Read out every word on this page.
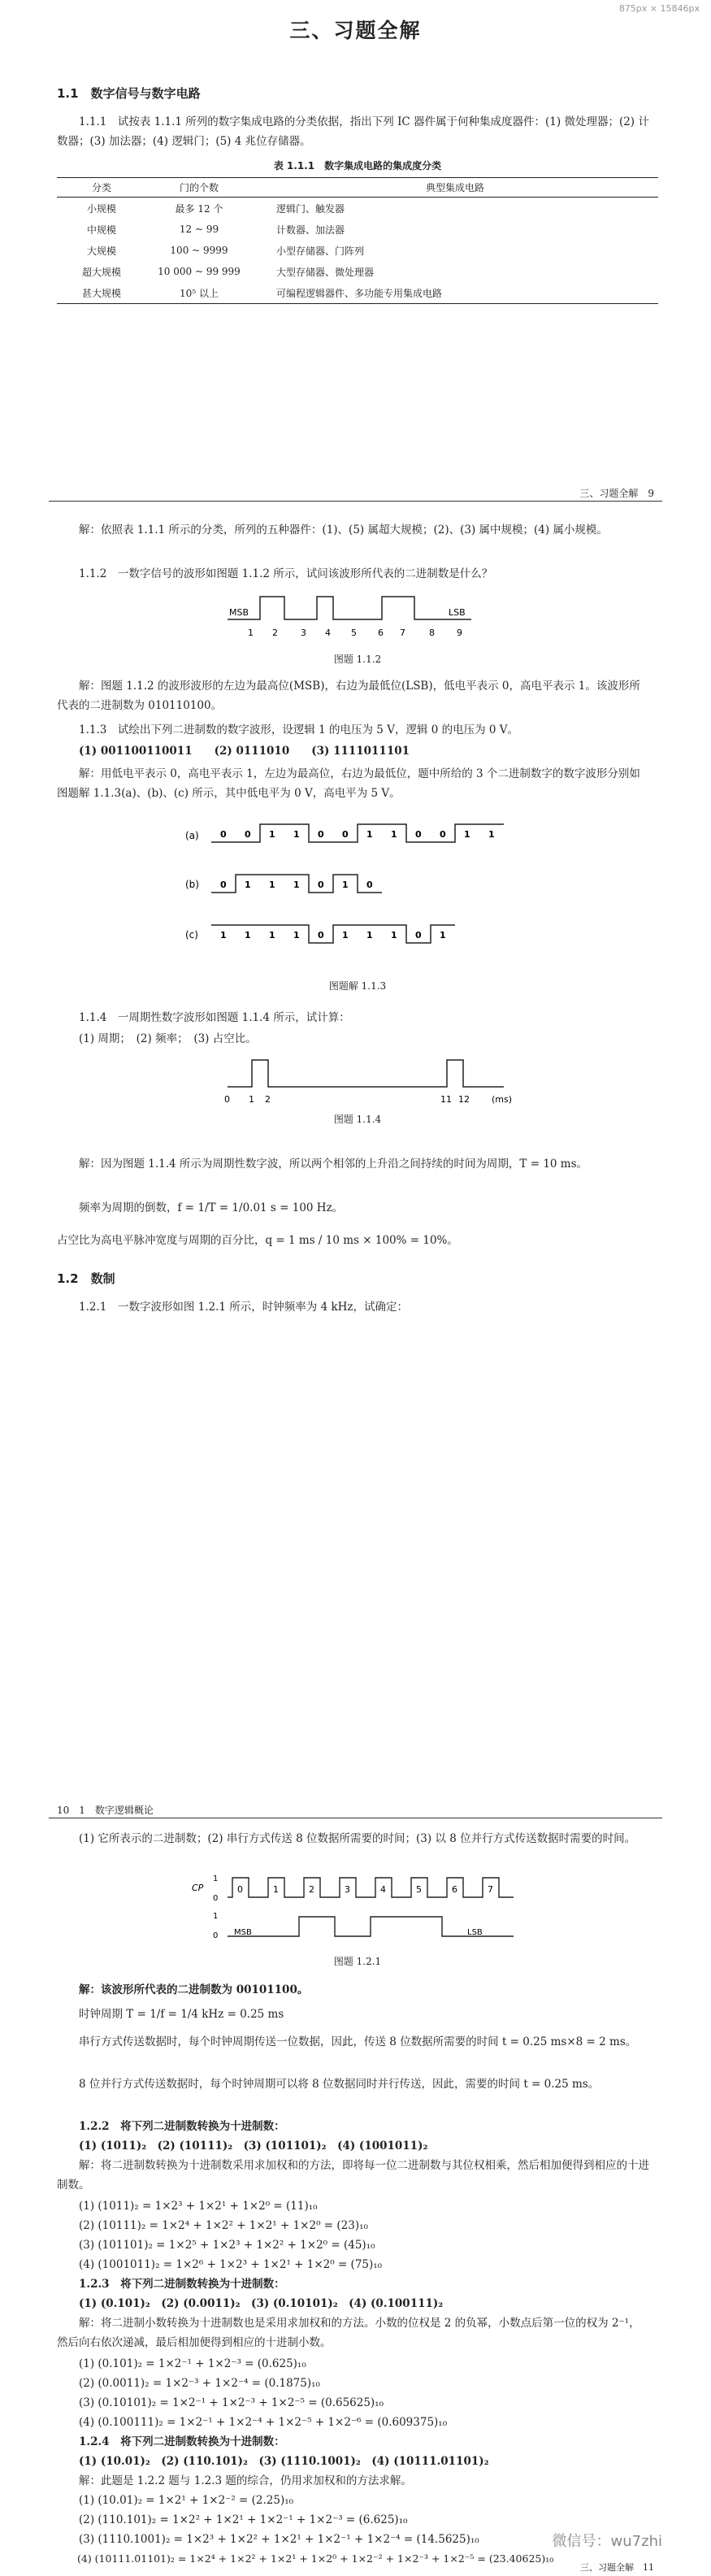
875px × 15846px
三、习题全解
1.1　数字信号与数字电路
1.1.1　试按表 1.1.1 所列的数字集成电路的分类依据，指出下列 IC 器件属于何种集成度器件：(1) 微处理器；(2) 计数器；(3) 加法器；(4) 逻辑门；(5) 4 兆位存储器。
表 1.1.1　数字集成电路的集成度分类
分类	门的个数	典型集成电路
小规模	最多 12 个	逻辑门、触发器
中规模	12 ~ 99	计数器、加法器
大规模	100 ~ 9999	小型存储器、门阵列
超大规模	10 000 ~ 99 999	大型存储器、微处理器
甚大规模	10⁵ 以上	可编程逻辑器件、多功能专用集成电路
三、习题全解　9
解：依照表 1.1.1 所示的分类，所列的五种器件：(1)、(5) 属超大规模；(2)、(3) 属中规模；(4) 属小规模。
1.1.2　一数字信号的波形如图题 1.1.2 所示，试问该波形所代表的二进制数是什么？
MSB	LSB
1 2	3 4 5 6 7	8 9
图题 1.1.2
解：图题 1.1.2 的波形波形的左边为最高位(MSB)，右边为最低位(LSB)，低电平表示 0，高电平表示 1。该波形所代表的二进制数为 010110100。
1.1.3　试绘出下列二进制数的数字波形，设逻辑 1 的电压为 5 V，逻辑 0 的电压为 0 V。
(1) 001100110011　　(2) 0111010　　(3) 1111011101
解：用低电平表示 0，高电平表示 1，左边为最高位，右边为最低位，题中所给的 3 个二进制数字的数字波形分别如图题解 1.1.3(a)、(b)、(c) 所示，其中低电平为 0 V，高电平为 5 V。
(a)
(b)
(c)
0 0 1 1 0 0 1 1 0 0 1 1
0 1 1 1 0 1 0
1 1 1 1 0 1 1 1 0 1
图题解 1.1.3
1.1.4　一周期性数字波形如图题 1.1.4 所示，试计算：
(1) 周期；　(2) 频率；　(3) 占空比。
0 1 2	11 12 (ms)
图题 1.1.4
解：因为图题 1.1.4 所示为周期性数字波，所以两个相邻的上升沿之间持续的时间为周期，T = 10 ms。
频率为周期的倒数，f = 1/T = 1/0.01 s = 100 Hz。
占空比为高电平脉冲宽度与周期的百分比，q = 1 ms / 10 ms × 100% = 10%。
1.2　数制
1.2.1　一数字波形如图 1.2.1 所示，时钟频率为 4 kHz，试确定：
10　1　数字逻辑概论
(1) 它所表示的二进制数；(2) 串行方式传送 8 位数据所需要的时间；(3) 以 8 位并行方式传送数据时需要的时间。
CP
1
0
1
0 MSB	LSB
0	1	2	3	4	5	6	7
图题 1.2.1
解：该波形所代表的二进制数为 00101100。
时钟周期 T = 1/f = 1/4 kHz = 0.25 ms
串行方式传送数据时，每个时钟周期传送一位数据，因此，传送 8 位数据所需要的时间 t = 0.25 ms×8 = 2 ms。
8 位并行方式传送数据时，每个时钟周期可以将 8 位数据同时并行传送，因此，需要的时间 t = 0.25 ms。
1.2.2　将下列二进制数转换为十进制数：
(1) (1011)₂　(2) (10111)₂　(3) (101101)₂　(4) (1001011)₂
解：将二进制数转换为十进制数采用求加权和的方法，即将每一位二进制数与其位权相乘，然后相加便得到相应的十进制数。
(1) (1011)₂ = 1×2³ + 1×2¹ + 1×2⁰ = (11)₁₀
(2) (10111)₂ = 1×2⁴ + 1×2² + 1×2¹ + 1×2⁰ = (23)₁₀
(3) (101101)₂ = 1×2⁵ + 1×2³ + 1×2² + 1×2⁰ = (45)₁₀
(4) (1001011)₂ = 1×2⁶ + 1×2³ + 1×2¹ + 1×2⁰ = (75)₁₀
1.2.3　将下列二进制数转换为十进制数：
(1) (0.101)₂　(2) (0.0011)₂　(3) (0.10101)₂　(4) (0.100111)₂
解：将二进制小数转换为十进制数也是采用求加权和的方法。小数的位权是 2 的负幂，小数点后第一位的权为 2⁻¹，然后向右依次递减，最后相加便得到相应的十进制小数。
(1) (0.101)₂ = 1×2⁻¹ + 1×2⁻³ = (0.625)₁₀
(2) (0.0011)₂ = 1×2⁻³ + 1×2⁻⁴ = (0.1875)₁₀
(3) (0.10101)₂ = 1×2⁻¹ + 1×2⁻³ + 1×2⁻⁵ = (0.65625)₁₀
(4) (0.100111)₂ = 1×2⁻¹ + 1×2⁻⁴ + 1×2⁻⁵ + 1×2⁻⁶ = (0.609375)₁₀
1.2.4　将下列二进制数转换为十进制数：
(1) (10.01)₂　(2) (110.101)₂　(3) (1110.1001)₂　(4) (10111.01101)₂
解：此题是 1.2.2 题与 1.2.3 题的综合，仍用求加权和的方法求解。
(1) (10.01)₂ = 1×2¹ + 1×2⁻² = (2.25)₁₀
(2) (110.101)₂ = 1×2² + 1×2¹ + 1×2⁻¹ + 1×2⁻³ = (6.625)₁₀
(3) (1110.1001)₂ = 1×2³ + 1×2² + 1×2¹ + 1×2⁻¹ + 1×2⁻⁴ = (14.5625)₁₀
(4) (10111.01101)₂ = 1×2⁴ + 1×2² + 1×2¹ + 1×2⁰ + 1×2⁻² + 1×2⁻³ + 1×2⁻⁵ = (23.40625)₁₀
微信号：wu7zhi
三、习题全解　11
